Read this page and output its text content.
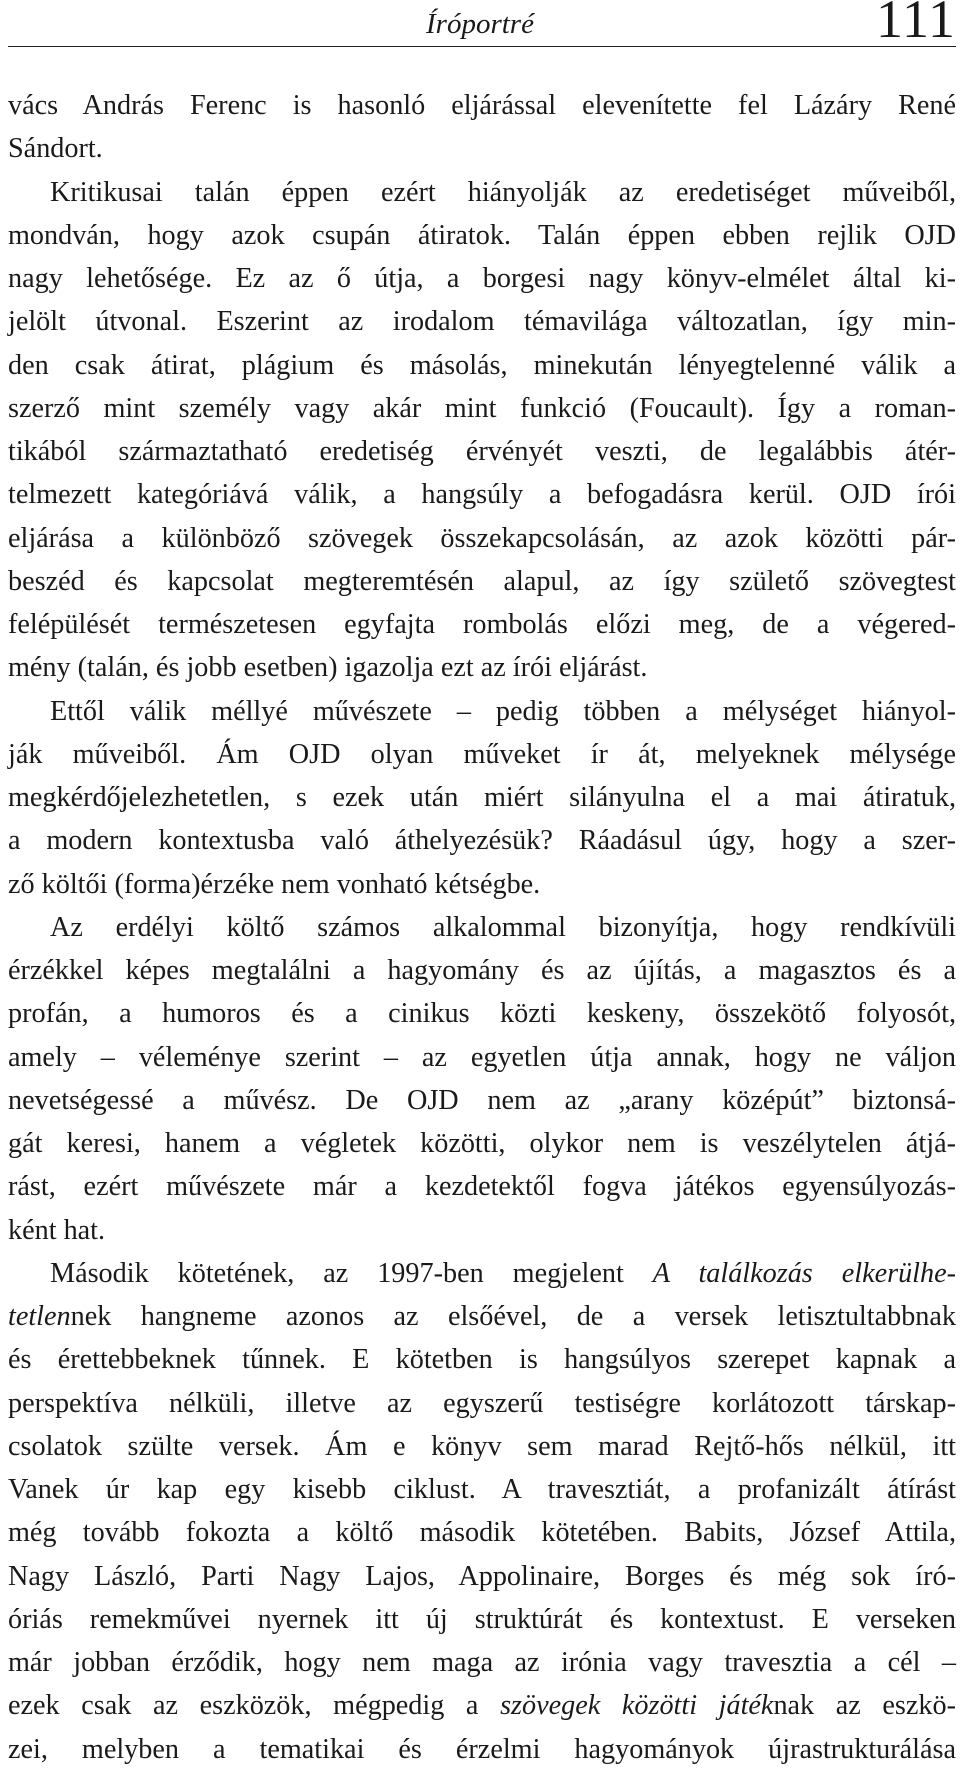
Íróportré	111
vács András Ferenc is hasonló eljárással elevenítette fel Lázáry René
Sándort.
Kritikusai talán éppen ezért hiányolják az eredetiséget műveiből,
mondván, hogy azok csupán átiratok. Talán éppen ebben rejlik OJD
nagy lehetősége. Ez az ő útja, a borgesi nagy könyv-elmélet által ki-
jelölt útvonal. Eszerint az irodalom témavilága változatlan, így min-
den csak átirat, plágium és másolás, minekután lényegtelenné válik a
szerző mint személy vagy akár mint funkció (Foucault). Így a roman-
tikából származtatható eredetiség érvényét veszti, de legalábbis átér-
telmezett kategóriává válik, a hangsúly a befogadásra kerül. OJD írói
eljárása a különböző szövegek összekapcsolásán, az azok közötti pár-
beszéd és kapcsolat megteremtésén alapul, az így születő szövegtest
felépülését természetesen egyfajta rombolás előzi meg, de a végered-
mény (talán, és jobb esetben) igazolja ezt az írói eljárást.
Ettől válik méllyé művészete – pedig többen a mélységet hiányol-
ják műveiből. Ám OJD olyan műveket ír át, melyeknek mélysége
megkérdőjelezhetetlen, s ezek után miért silányulna el a mai átiratuk,
a modern kontextusba való áthelyezésük? Ráadásul úgy, hogy a szer-
ző költői (forma)érzéke nem vonható kétségbe.
Az erdélyi költő számos alkalommal bizonyítja, hogy rendkívüli
érzékkel képes megtalálni a hagyomány és az újítás, a magasztos és a
profán, a humoros és a cinikus közti keskeny, összekötő folyosót,
amely – véleménye szerint – az egyetlen útja annak, hogy ne váljon
nevetségessé a művész. De OJD nem az „arany középút” biztonsá-
gát keresi, hanem a végletek közötti, olykor nem is veszélytelen átjá-
rást, ezért művészete már a kezdetektől fogva játékos egyensúlyozás-
ként hat.
Második kötetének, az 1997-ben megjelent A találkozás elkerülhe-
tetlennek hangneme azonos az elsőével, de a versek letisztultabbnak
és érettebbeknek tűnnek. E kötetben is hangsúlyos szerepet kapnak a
perspektíva nélküli, illetve az egyszerű testiségre korlátozott társkap-
csolatok szülte versek. Ám e könyv sem marad Rejtő-hős nélkül, itt
Vanek úr kap egy kisebb ciklust. A travesztiát, a profanizált átírást
még tovább fokozta a költő második kötetében. Babits, József Attila,
Nagy László, Parti Nagy Lajos, Appolinaire, Borges és még sok író-
óriás remekművei nyernek itt új struktúrát és kontextust. E verseken
már jobban érződik, hogy nem maga az irónia vagy travesztia a cél –
ezek csak az eszközök, mégpedig a szövegek közötti játéknak az eszkö-
zei, melyben a tematikai és érzelmi hagyományok újrastrukturálása
